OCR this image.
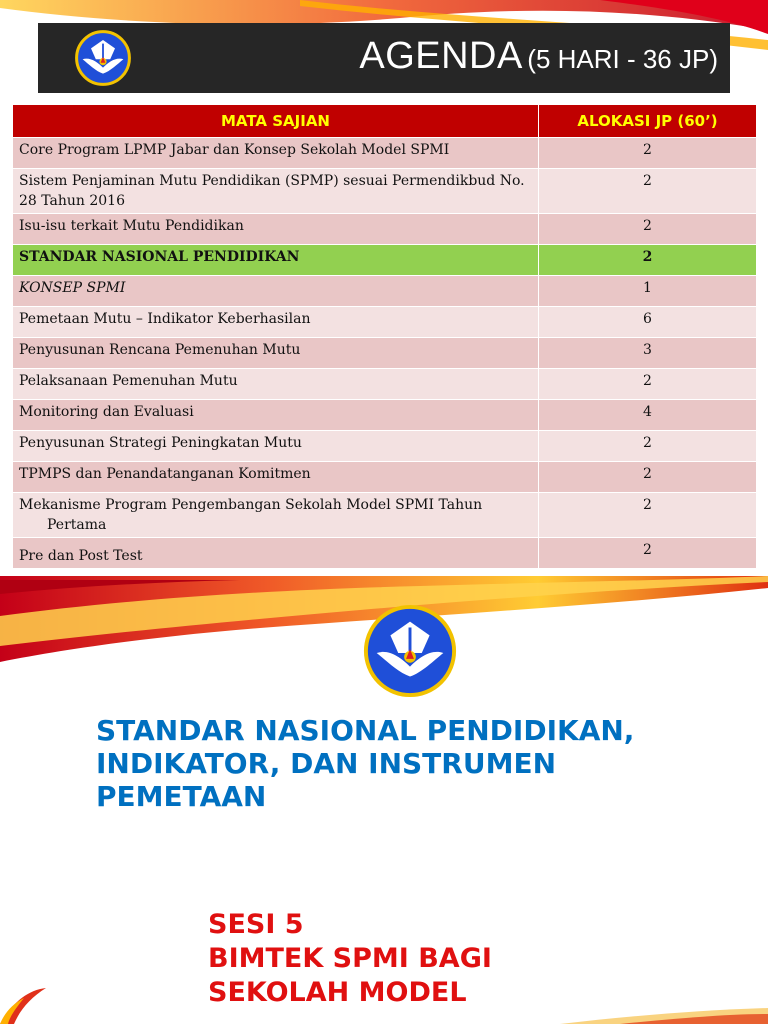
AGENDA (5 HARI - 36 JP)
MATA SAJIAN	ALOKASI JP (60’)
Core Program LPMP Jabar dan Konsep Sekolah Model SPMI	2
Sistem Penjaminan Mutu Pendidikan (SPMP) sesuai Permendikbud No. 28 Tahun 2016	2
Isu-isu terkait Mutu Pendidikan	2
STANDAR NASIONAL PENDIDIKAN	2
KONSEP SPMI	1
Pemetaan Mutu – Indikator Keberhasilan	6
Penyusunan Rencana Pemenuhan Mutu	3
Pelaksanaan Pemenuhan Mutu	2
Monitoring dan Evaluasi	4
Penyusunan Strategi Peningkatan Mutu	2
TPMPS dan Penandatanganan Komitmen	2

Mekanisme Program Pengembangan Sekolah Model SPMI Tahun
Pertama	2
Pre dan Post Test	2
STANDAR NASIONAL PENDIDIKAN,
INDIKATOR, DAN INSTRUMEN
PEMETAAN
SESI 5
BIMTEK SPMI BAGI
SEKOLAH MODEL
